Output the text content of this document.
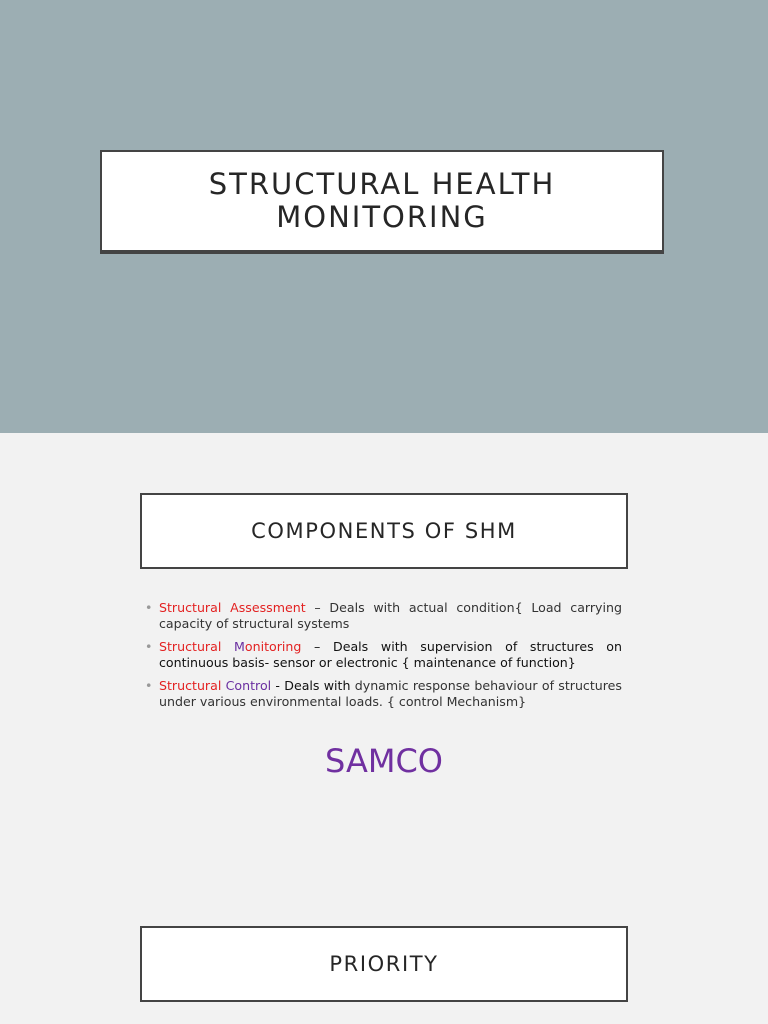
STRUCTURAL HEALTH
MONITORING
COMPONENTS OF SHM
• Structural Assessment – Deals with actual condition{ Load carrying capacity of structural systems
• Structural Monitoring – Deals with supervision of structures on continuous basis- sensor or electronic { maintenance of function}
• Structural Control - Deals with dynamic response behaviour of structures under various environmental loads. { control Mechanism}
SAMCO
PRIORITY
